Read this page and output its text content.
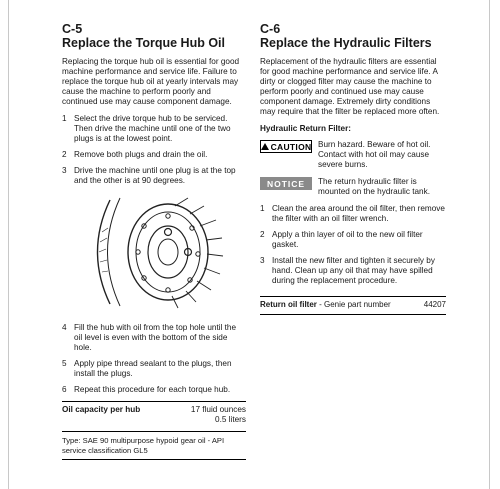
C-5
Replace the Torque Hub Oil
Replacing the torque hub oil is essential for good machine performance and service life. Failure to replace the torque hub oil at yearly intervals may cause the machine to perform poorly and continued use may cause component damage.
1 Select the drive torque hub to be serviced. Then drive the machine until one of the two plugs is at the lowest point.
2 Remove both plugs and drain the oil.
3 Drive the machine until one plug is at the top and the other is at 90 degrees.
4 Fill the hub with oil from the top hole until the oil level is even with the bottom of the side hole.
5 Apply pipe thread sealant to the plugs, then install the plugs.
6 Repeat this procedure for each torque hub.
Oil capacity per hub	17 fluid ounces
0.5 liters
Type: SAE 90 multipurpose hypoid gear oil - API service classification GL5
C-6
Replace the Hydraulic Filters
Replacement of the hydraulic filters are essential for good machine performance and service life. A dirty or clogged filter may cause the machine to perform poorly and continued use may cause component damage. Extremely dirty conditions may require that the filter be replaced more often.
Hydraulic Return Filter:
CAUTION Burn hazard. Beware of hot oil. Contact with hot oil may cause severe burns.
NOTICE	The return hydraulic filter is mounted on the hydraulic tank.
1 Clean the area around the oil filter, then remove the filter with an oil filter wrench.
2 Apply a thin layer of oil to the new oil filter gasket.
3 Install the new filter and tighten it securely by hand. Clean up any oil that may have spilled during the replacement procedure.
Return oil filter - Genie part number	44207
